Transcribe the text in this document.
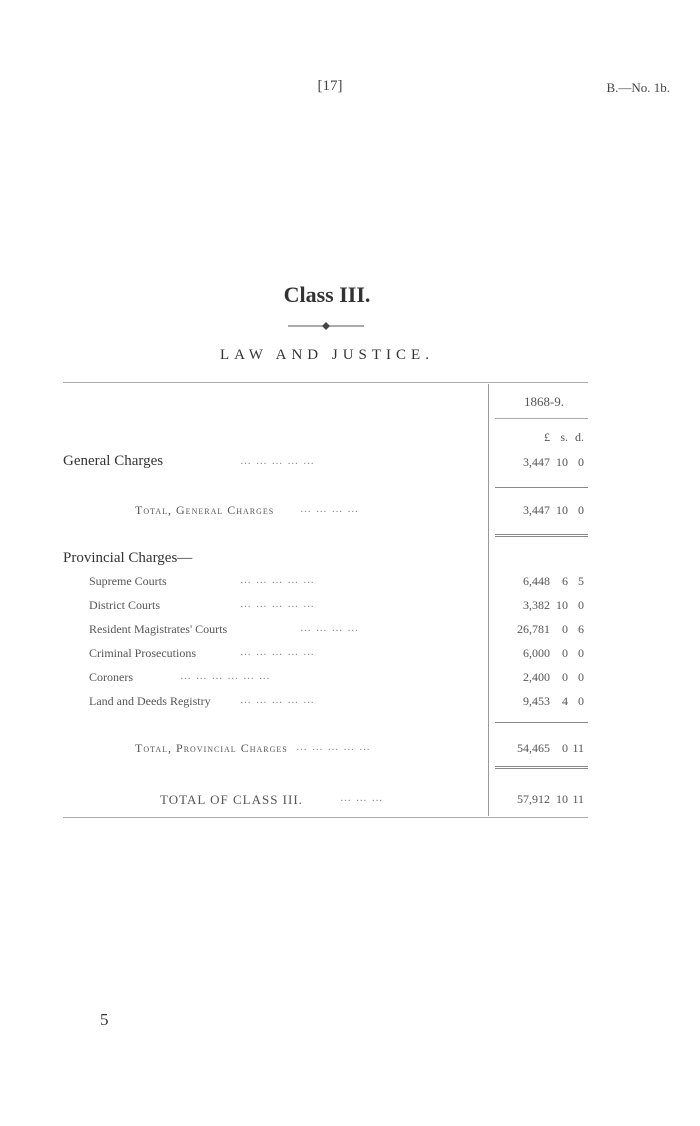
[17]	B.—No. 1b.
Class III.
LAW AND JUSTICE.
1868-9.
£ s. d.
General Charges	… … … … …	3,447 10 0
Total, General Charges … … … …	3,447 10 0
Provincial Charges—
Supreme Courts	… … … … …	6,448	6 5
District Courts	… … … … …	3,382 10 0
Resident Magistrates' Courts	… … … …	26,781	0 6
Criminal Prosecutions	… … … … …	6,000	0 0
Coroners	… … … … … …	2,400	0 0
Land and Deeds Registry	… … … … …	9,453	4 0
Total, Provincial Charges … … … … …	54,465	0 11
TOTAL OF CLASS III.	… … …	57,912 10 11
5
